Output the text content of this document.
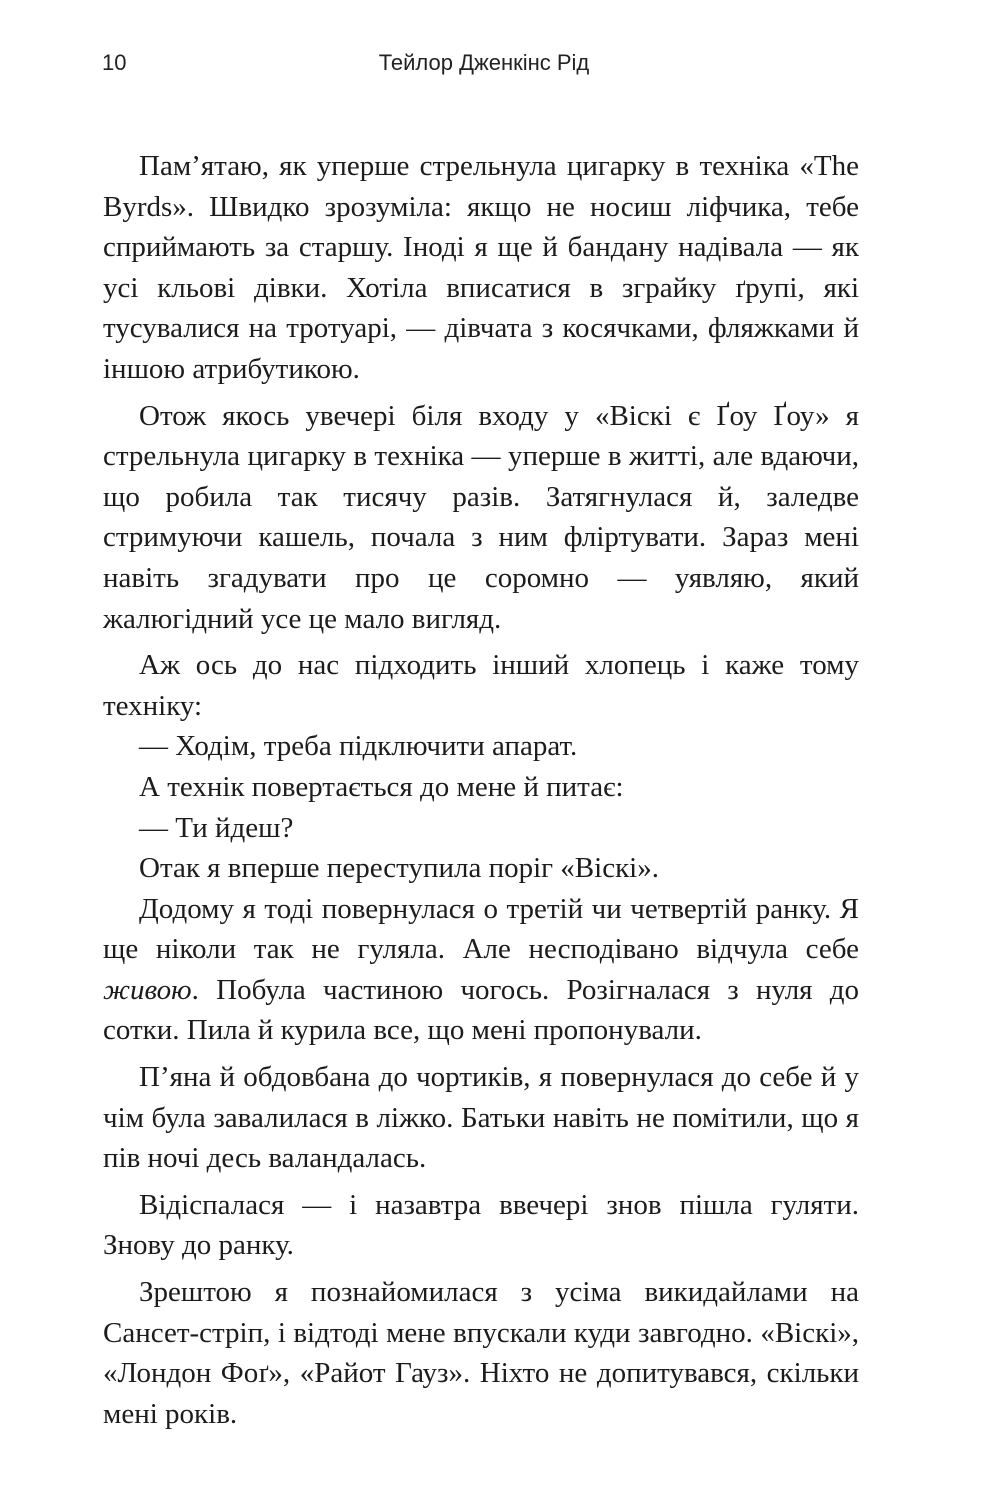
10	Тейлор Дженкінс Рід

Пам’ятаю, як уперше стрельнула цигарку в техніка «The Byrds». Швидко зрозуміла: якщо не носиш ліфчика, тебе сприймають за старшу. Іноді я ще й бандану надівала — як усі кльові дівки. Хотіла вписатися в зграйку ґрупі, які тусувалися на тротуарі, — дівчата з косячками, фляжками й іншою атрибутикою.

Отож якось увечері біля входу у «Віскі є Ґоу Ґоу» я стрельнула цигарку в техніка — уперше в житті, але вдаючи, що робила так тисячу разів. Затягнулася й, заледве стримуючи кашель, почала з ним фліртувати. Зараз мені навіть згадувати про це соромно — уявляю, який жалюгідний усе це мало вигляд.

Аж ось до нас підходить інший хлопець і каже тому техніку:

— Ходім, треба підключити апарат.

А технік повертається до мене й питає:

— Ти йдеш?

Отак я вперше переступила поріг «Віскі».

Додому я тоді повернулася о третій чи четвертій ранку. Я ще ніколи так не гуляла. Але несподівано відчула себе живою. Побула частиною чогось. Розігналася з нуля до сотки. Пила й курила все, що мені пропонували.

П’яна й обдовбана до чортиків, я повернулася до себе й у чім була завалилася в ліжко. Батьки навіть не помітили, що я пів ночі десь валандалась.

Відіспалася — і назавтра ввечері знов пішла гуляти. Знову до ранку.

Зрештою я познайомилася з усіма викидайлами на Сансет-стріп, і відтоді мене впускали куди завгодно. «Віскі», «Лондон Фоґ», «Райот Гауз». Ніхто не допитувався, скільки мені років.
